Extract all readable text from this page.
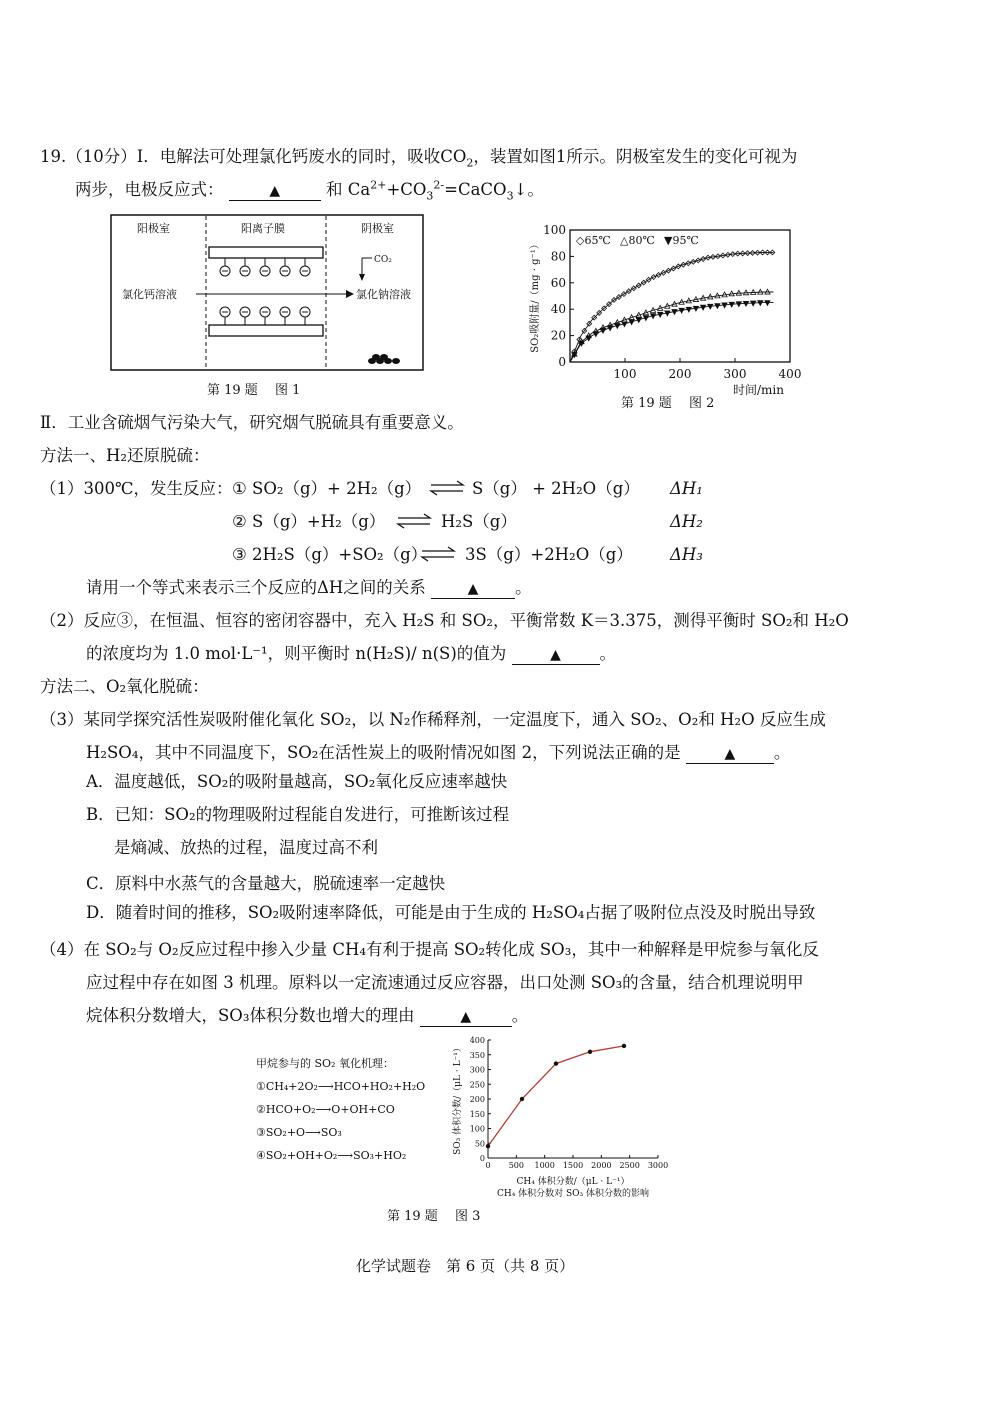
19.（10分）Ⅰ．电解法可处理氯化钙废水的同时，吸收$CO_2$，装置如图1所示。阴极室发生的变化可视为
两步，电极反应式：	▲	和 $Ca^{2+}+CO_3^{2-}=CaCO_3↓$。
阳极室	阳离子膜	阴极室
氯化钙溶液	氯化钠溶液
CO₂
第 19 题　 图 1
0
20
40
60
80
100
100	200	300	400
时间/min
SO₂吸附量/（mg · g⁻¹）	◇65℃ △80℃ ▼95℃
第 19 题　 图 2
Ⅱ．工业含硫烟气污染大气，研究烟气脱硫具有重要意义。
方法一、H₂还原脱硫：
（1）300℃，发生反应： ① SO₂（g）+ 2H₂（g）	S（g） + 2H₂O（g） ΔH₁
② S（g）+H₂（g）	H₂S（g）	ΔH₂
③ 2H₂S（g）+SO₂（g） 3S（g）+2H₂O（g） ΔH₃
请用一个等式来表示三个反应的ΔH之间的关系	▲ 。
（2）反应③，在恒温、恒容的密闭容器中，充入 H₂S 和 SO₂，平衡常数 K＝3.375，测得平衡时 SO₂和 H₂O
的浓度均为 1.0 mol·L⁻¹，则平衡时 n(H₂S)/ n(S)的值为	▲ 。
方法二、O₂氧化脱硫：
（3）某同学探究活性炭吸附催化氧化 SO₂，以 N₂作稀释剂，一定温度下，通入 SO₂、O₂和 H₂O 反应生成
H₂SO₄，其中不同温度下，SO₂在活性炭上的吸附情况如图 2，下列说法正确的是	▲ 。
A．温度越低，SO₂的吸附量越高，SO₂氧化反应速率越快
B．已知：SO₂的物理吸附过程能自发进行，可推断该过程
是熵减、放热的过程，温度过高不利
C．原料中水蒸气的含量越大，脱硫速率一定越快
D．随着时间的推移，SO₂吸附速率降低，可能是由于生成的 H₂SO₄占据了吸附位点没及时脱出导致
（4）在 SO₂与 O₂反应过程中掺入少量 CH₄有利于提高 SO₂转化成 SO₃，其中一种解释是甲烷参与氧化反
应过程中存在如图 3 机理。原料以一定流速通过反应容器，出口处测 SO₃的含量，结合机理说明甲
烷体积分数增大，SO₃体积分数也增大的理由	▲ 。
甲烷参与的 SO₂ 氧化机理：
①CH₄+2O₂⟶HCO+HO₂+H₂O
②HCO+O₂⟶O+OH+CO
③SO₂+O⟶SO₃
④SO₂+OH+O₂⟶SO₃+HO₂	0
50
100
150
200
250
300
350
400
0 500 1000 1500 2000 2500 3000
CH₄ 体积分数/（μL · L⁻¹）
CH₄ 体积分数对 SO₃ 体积分数的影响
SO₃ 体积分数/（μL · L⁻¹）
第 19 题　 图 3
化学试题卷　第 6 页（共 8 页）
